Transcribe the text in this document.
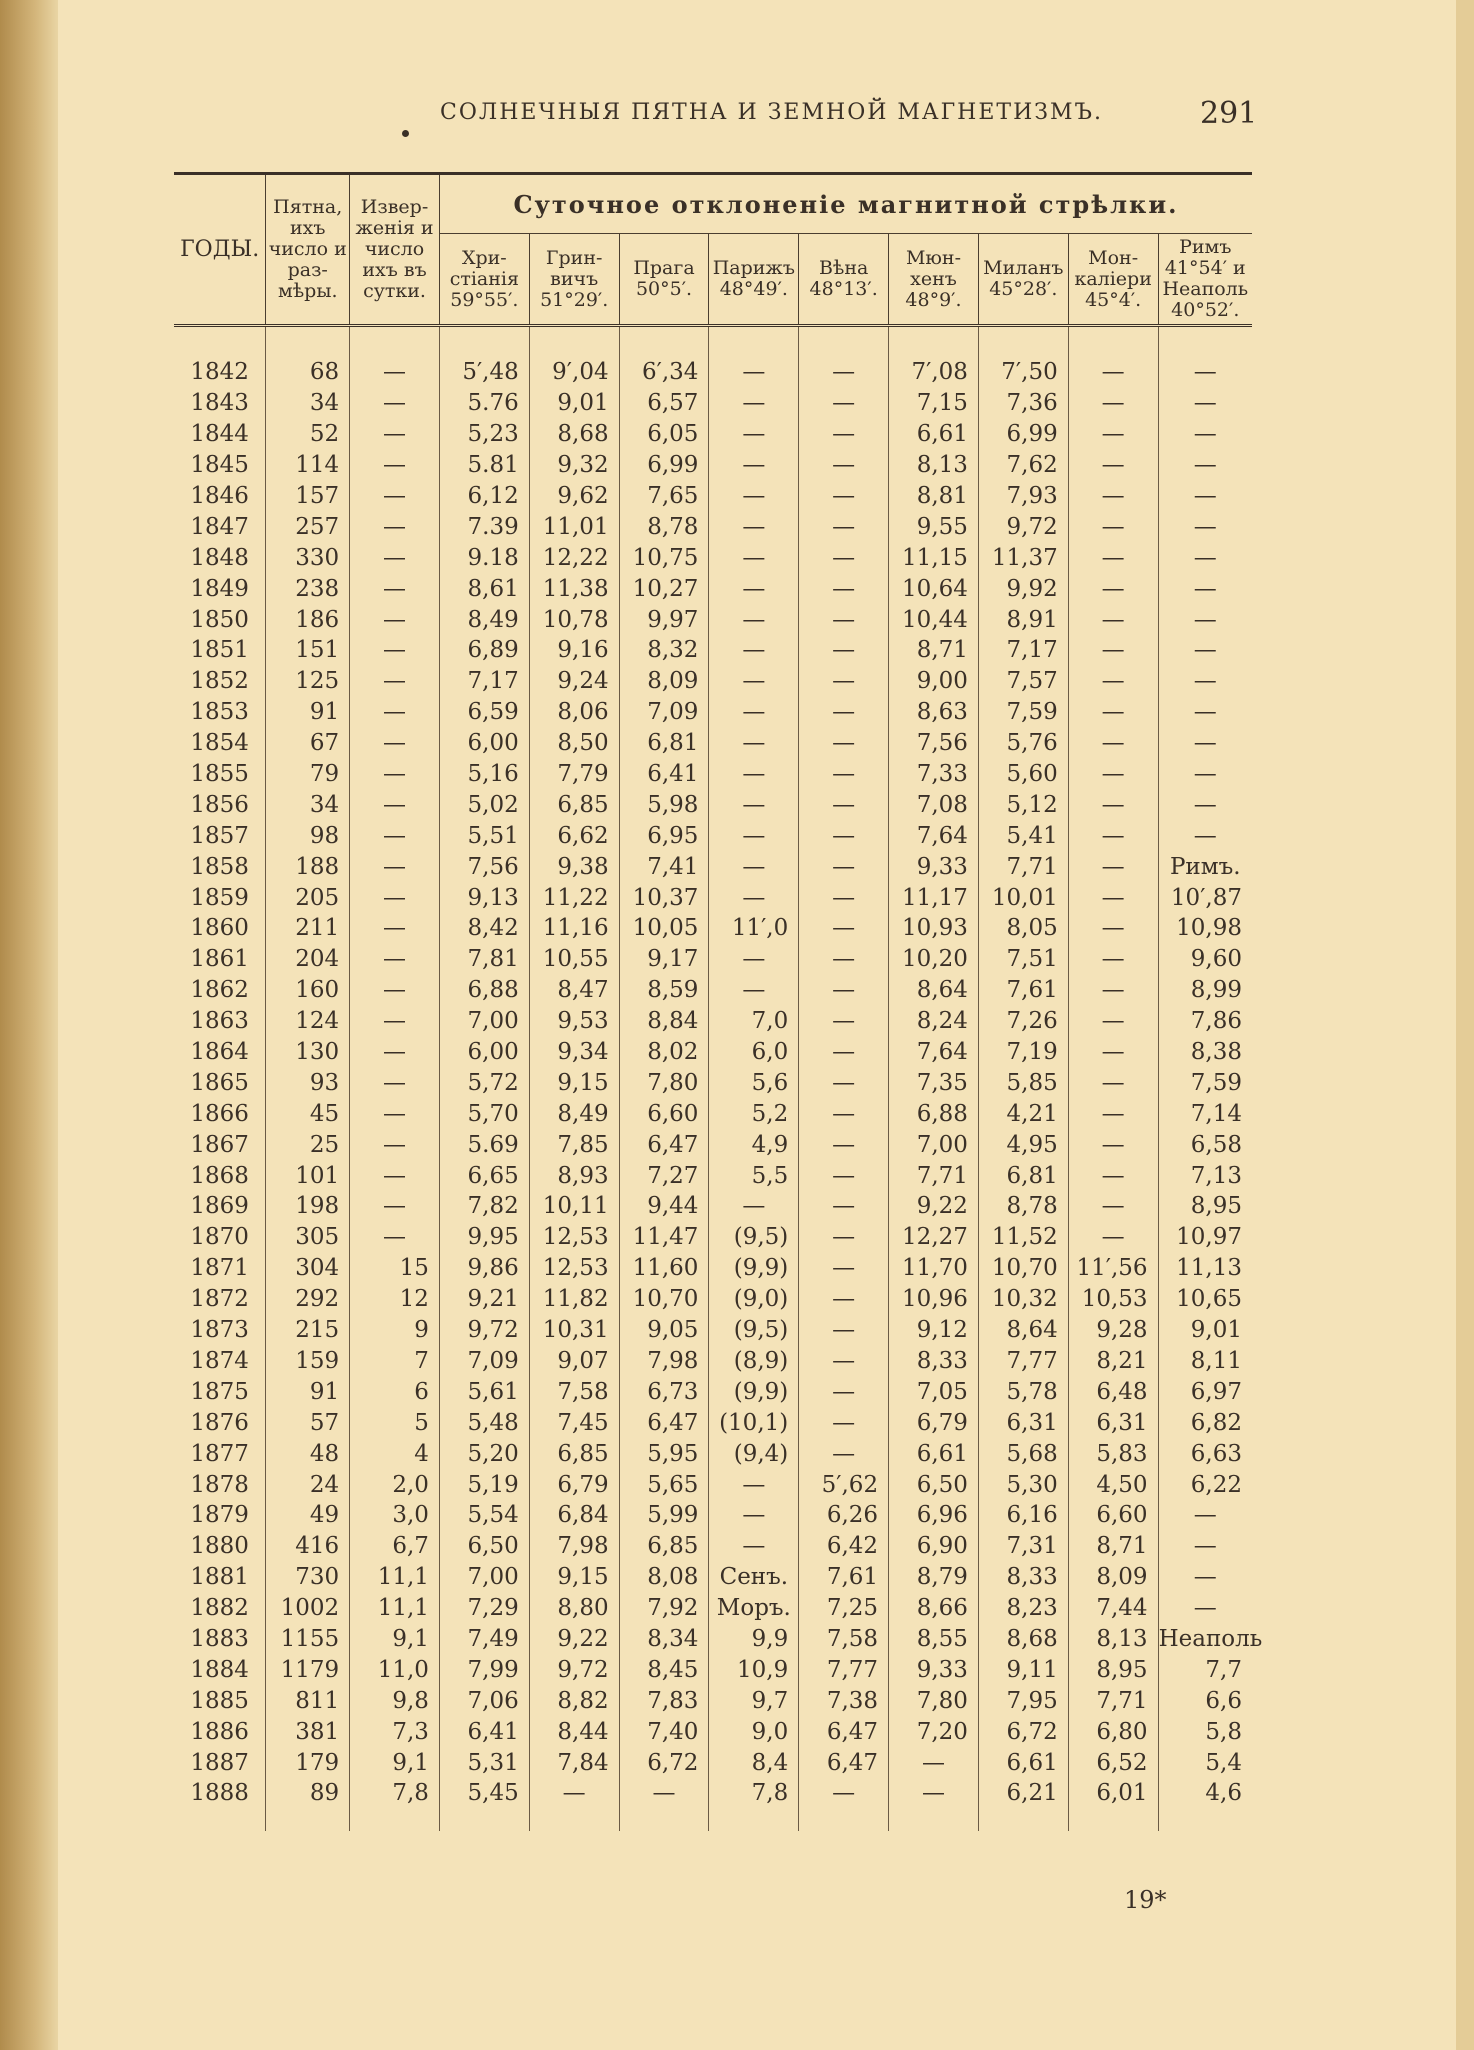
СОЛНЕЧНЫЯ ПЯТНА И ЗЕМНОЙ МАГНЕТИЗМЪ.	291
ГОДЫ.	Пятна, ихъ число и раз-мѣры.	Извер-женія и число ихъ въ сутки.	Суточное отклоненіе магнитной стрѣлки.								
			Хри-стіанія 59°55′.	Грин-вичъ 51°29′.	Прага 50°5′.	Парижъ 48°49′.	Вѣна 48°13′.	Мюн-хенъ 48°9′.	Миланъ 45°28′.	Мон-каліери 45°4′.	Римъ 41°54′ и Неаполь 40°52′.

1842	68	—	5′,48	9′,04	6′,34	—	—	7′,08	7′,50	—	—
1843	34	—	5.76	9,01	6,57	—	—	7,15	7,36	—	—
1844	52	—	5,23	8,68	6,05	—	—	6,61	6,99	—	—
1845	114	—	5.81	9,32	6,99	—	—	8,13	7,62	—	—
1846	157	—	6,12	9,62	7,65	—	—	8,81	7,93	—	—
1847	257	—	7.39	11,01	8,78	—	—	9,55	9,72	—	—
1848	330	—	9.18	12,22	10,75	—	—	11,15	11,37	—	—
1849	238	—	8,61	11,38	10,27	—	—	10,64	9,92	—	—
1850	186	—	8,49	10,78	9,97	—	—	10,44	8,91	—	—
1851	151	—	6,89	9,16	8,32	—	—	8,71	7,17	—	—
1852	125	—	7,17	9,24	8,09	—	—	9,00	7,57	—	—
1853	91	—	6,59	8,06	7,09	—	—	8,63	7,59	—	—
1854	67	—	6,00	8,50	6,81	—	—	7,56	5,76	—	—
1855	79	—	5,16	7,79	6,41	—	—	7,33	5,60	—	—
1856	34	—	5,02	6,85	5,98	—	—	7,08	5,12	—	—
1857	98	—	5,51	6,62	6,95	—	—	7,64	5,41	—	—
1858	188	—	7,56	9,38	7,41	—	—	9,33	7,71	—	Римъ.
1859	205	—	9,13	11,22	10,37	—	—	11,17	10,01	—	10′,87
1860	211	—	8,42	11,16	10,05	11′,0	—	10,93	8,05	—	10,98
1861	204	—	7,81	10,55	9,17	—	—	10,20	7,51	—	9,60
1862	160	—	6,88	8,47	8,59	—	—	8,64	7,61	—	8,99
1863	124	—	7,00	9,53	8,84	7,0	—	8,24	7,26	—	7,86
1864	130	—	6,00	9,34	8,02	6,0	—	7,64	7,19	—	8,38
1865	93	—	5,72	9,15	7,80	5,6	—	7,35	5,85	—	7,59
1866	45	—	5,70	8,49	6,60	5,2	—	6,88	4,21	—	7,14
1867	25	—	5.69	7,85	6,47	4,9	—	7,00	4,95	—	6,58
1868	101	—	6,65	8,93	7,27	5,5	—	7,71	6,81	—	7,13
1869	198	—	7,82	10,11	9,44	—	—	9,22	8,78	—	8,95
1870	305	—	9,95	12,53	11,47	(9,5)	—	12,27	11,52	—	10,97
1871	304	15	9,86	12,53	11,60	(9,9)	—	11,70	10,70	11′,56	11,13
1872	292	12	9,21	11,82	10,70	(9,0)	—	10,96	10,32	10,53	10,65
1873	215	9	9,72	10,31	9,05	(9,5)	—	9,12	8,64	9,28	9,01
1874	159	7	7,09	9,07	7,98	(8,9)	—	8,33	7,77	8,21	8,11
1875	91	6	5,61	7,58	6,73	(9,9)	—	7,05	5,78	6,48	6,97
1876	57	5	5,48	7,45	6,47	(10,1)	—	6,79	6,31	6,31	6,82
1877	48	4	5,20	6,85	5,95	(9,4)	—	6,61	5,68	5,83	6,63
1878	24	2,0	5,19	6,79	5,65	—	5′,62	6,50	5,30	4,50	6,22
1879	49	3,0	5,54	6,84	5,99	—	6,26	6,96	6,16	6,60	—
1880	416	6,7	6,50	7,98	6,85	—	6,42	6,90	7,31	8,71	—
1881	730	11,1	7,00	9,15	8,08	Сенъ.	7,61	8,79	8,33	8,09	—
1882	1002	11,1	7,29	8,80	7,92	Моръ.	7,25	8,66	8,23	7,44	—
1883	1155	9,1	7,49	9,22	8,34	9,9	7,58	8,55	8,68	8,13	Неаполь
1884	1179	11,0	7,99	9,72	8,45	10,9	7,77	9,33	9,11	8,95	7,7
1885	811	9,8	7,06	8,82	7,83	9,7	7,38	7,80	7,95	7,71	6,6
1886	381	7,3	6,41	8,44	7,40	9,0	6,47	7,20	6,72	6,80	5,8
1887	179	9,1	5,31	7,84	6,72	8,4	6,47	—	6,61	6,52	5,4
1888	89	7,8	5,45	—	—	7,8	—	—	6,21	6,01	4,6

19*
